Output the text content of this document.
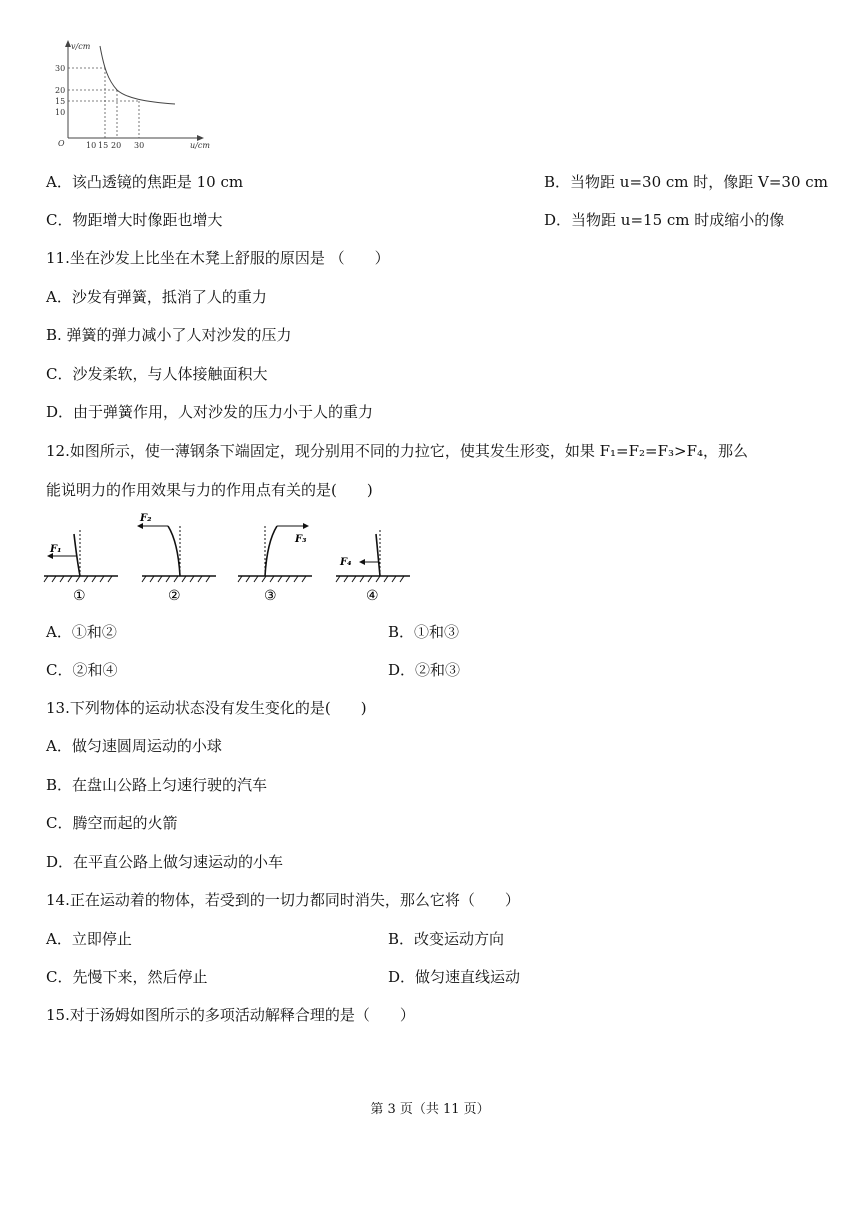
v/cm
u/cm
O
30
20
15
10
10 15 20 30
A．该凸透镜的焦距是 10 cm	B．当物距 u=30 cm 时，像距 V=30 cm
C．物距增大时像距也增大	D．当物距 u=15 cm 时成缩小的像
11.坐在沙发上比坐在木凳上舒服的原因是 （　　）
A．沙发有弹簧，抵消了人的重力
B. 弹簧的弹力减小了人对沙发的压力
C．沙发柔软，与人体接触面积大
D．由于弹簧作用，人对沙发的压力小于人的重力
12.如图所示，使一薄钢条下端固定，现分别用不同的力拉它，使其发生形变，如果 F₁=F₂=F₃>F₄，那么
能说明力的作用效果与力的作用点有关的是(　　)
F₁
①
F₂
②
F₃
③
F₄
④
A．①和②	B．①和③
C．②和④	D．②和③
13.下列物体的运动状态没有发生变化的是(　　)
A．做匀速圆周运动的小球
B．在盘山公路上匀速行驶的汽车
C．腾空而起的火箭
D．在平直公路上做匀速运动的小车
14.正在运动着的物体，若受到的一切力都同时消失，那么它将（　　）
A．立即停止	B．改变运动方向
C．先慢下来，然后停止	D．做匀速直线运动
15.对于汤姆如图所示的多项活动解释合理的是（　　）
第 3 页（共 11 页）
